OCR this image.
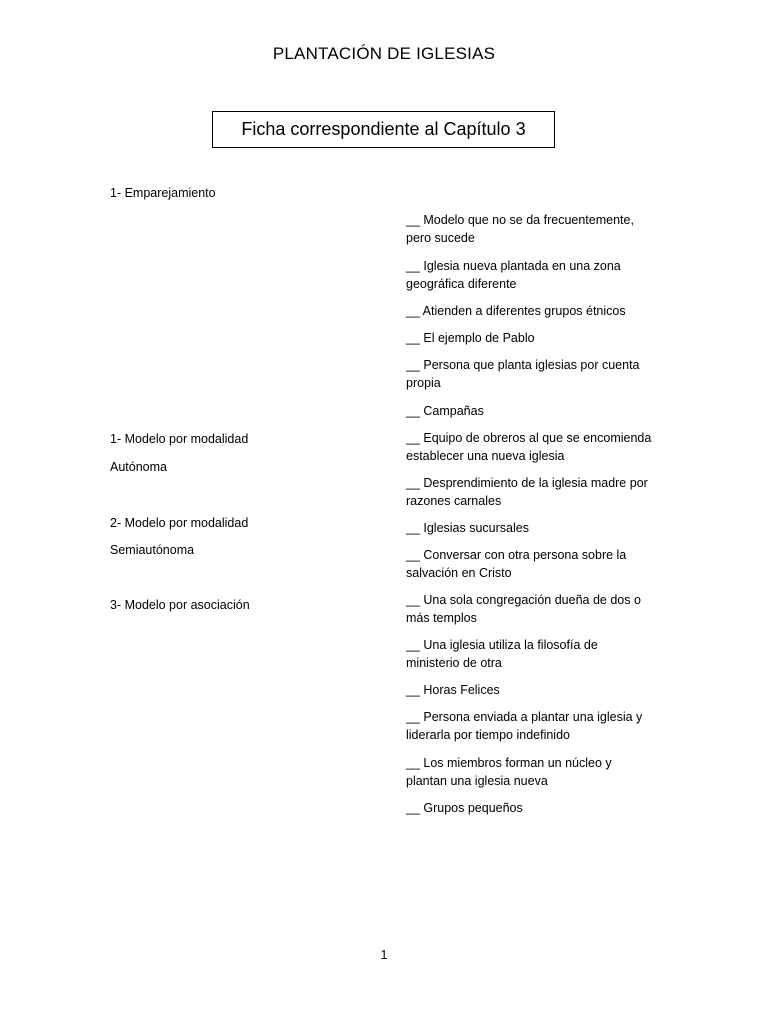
PLANTACIÓN DE IGLESIAS
Ficha correspondiente al Capítulo 3
1- Emparejamiento
1- Modelo por modalidad
Autónoma
2- Modelo por modalidad
Semiautónoma
3- Modelo por asociación
__ Modelo que no se da frecuentemente, pero sucede
__ Iglesia nueva plantada en una zona geográfica diferente
__ Atienden a diferentes grupos étnicos
__ El ejemplo de Pablo
__ Persona que planta iglesias por cuenta propia
__ Campañas
__ Equipo de obreros al que se encomienda establecer una nueva iglesia
__ Desprendimiento de la iglesia madre por razones carnales
__ Iglesias sucursales
__ Conversar con otra persona sobre la salvación en Cristo
__ Una sola congregación dueña de dos o más templos
__ Una iglesia utiliza la filosofía de ministerio de otra
__ Horas Felices
__ Persona enviada a plantar una iglesia y liderarla por tiempo indefinido
__ Los miembros forman un núcleo y plantan una iglesia nueva
__ Grupos pequeños
1
